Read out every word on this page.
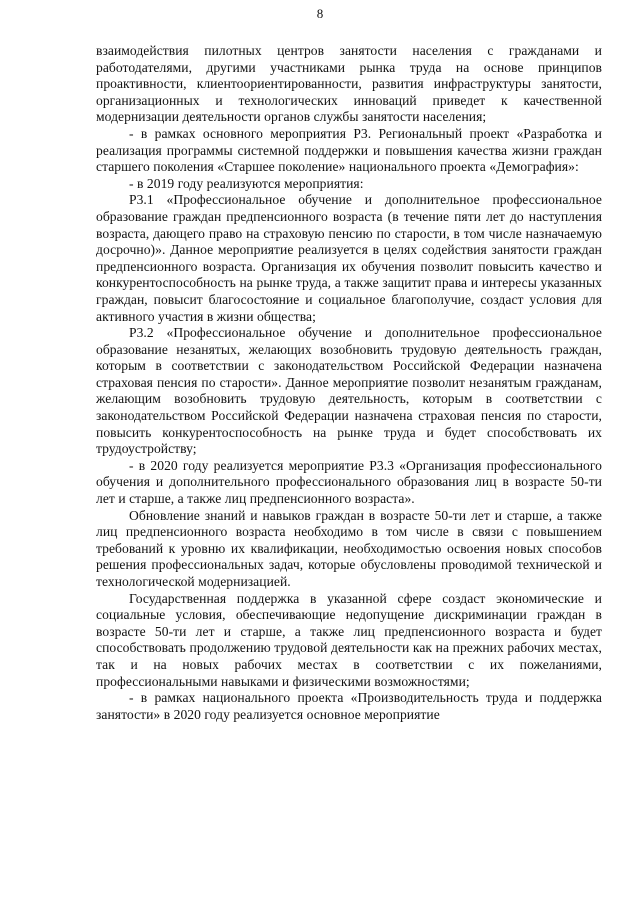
8

взаимодействия пилотных центров занятости населения с гражданами и работодателями, другими участниками рынка труда на основе принципов проактивности, клиентоориентированности, развития инфраструктуры занятости, организационных и технологических инноваций приведет к качественной модернизации деятельности органов службы занятости населения;

- в рамках основного мероприятия Р3. Региональный проект «Разработка и реализация программы системной поддержки и повышения качества жизни граждан старшего поколения «Старшее поколение» национального проекта «Демография»:

- в 2019 году реализуются мероприятия:

Р3.1 «Профессиональное обучение и дополнительное профессиональное образование граждан предпенсионного возраста (в течение пяти лет до наступления возраста, дающего право на страховую пенсию по старости, в том числе назначаемую досрочно)». Данное мероприятие реализуется в целях содействия занятости граждан предпенсионного возраста. Организация их обучения позволит повысить качество и конкурентоспособность на рынке труда, а также защитит права и интересы указанных граждан, повысит благосостояние и социальное благополучие, создаст условия для активного участия в жизни общества;

Р3.2 «Профессиональное обучение и дополнительное профессиональное образование незанятых, желающих возобновить трудовую деятельность граждан, которым в соответствии с законодательством Российской Федерации назначена страховая пенсия по старости». Данное мероприятие позволит незанятым гражданам, желающим возобновить трудовую деятельность, которым в соответствии с законодательством Российской Федерации назначена страховая пенсия по старости, повысить конкурентоспособность на рынке труда и будет способствовать их трудоустройству;

- в 2020 году реализуется мероприятие Р3.3 «Организация профессионального обучения и дополнительного профессионального образования лиц в возрасте 50-ти лет и старше, а также лиц предпенсионного возраста».

Обновление знаний и навыков граждан в возрасте 50-ти лет и старше, а также лиц предпенсионного возраста необходимо в том числе в связи с повышением требований к уровню их квалификации, необходимостью освоения новых способов решения профессиональных задач, которые обусловлены проводимой технической и технологической модернизацией.

Государственная поддержка в указанной сфере создаст экономические и социальные условия, обеспечивающие недопущение дискриминации граждан в возрасте 50-ти лет и старше, а также лиц предпенсионного возраста и будет способствовать продолжению трудовой деятельности как на прежних рабочих местах, так и на новых рабочих местах в соответствии с их пожеланиями, профессиональными навыками и физическими возможностями;

- в рамках национального проекта «Производительность труда и поддержка занятости» в 2020 году реализуется основное мероприятие
